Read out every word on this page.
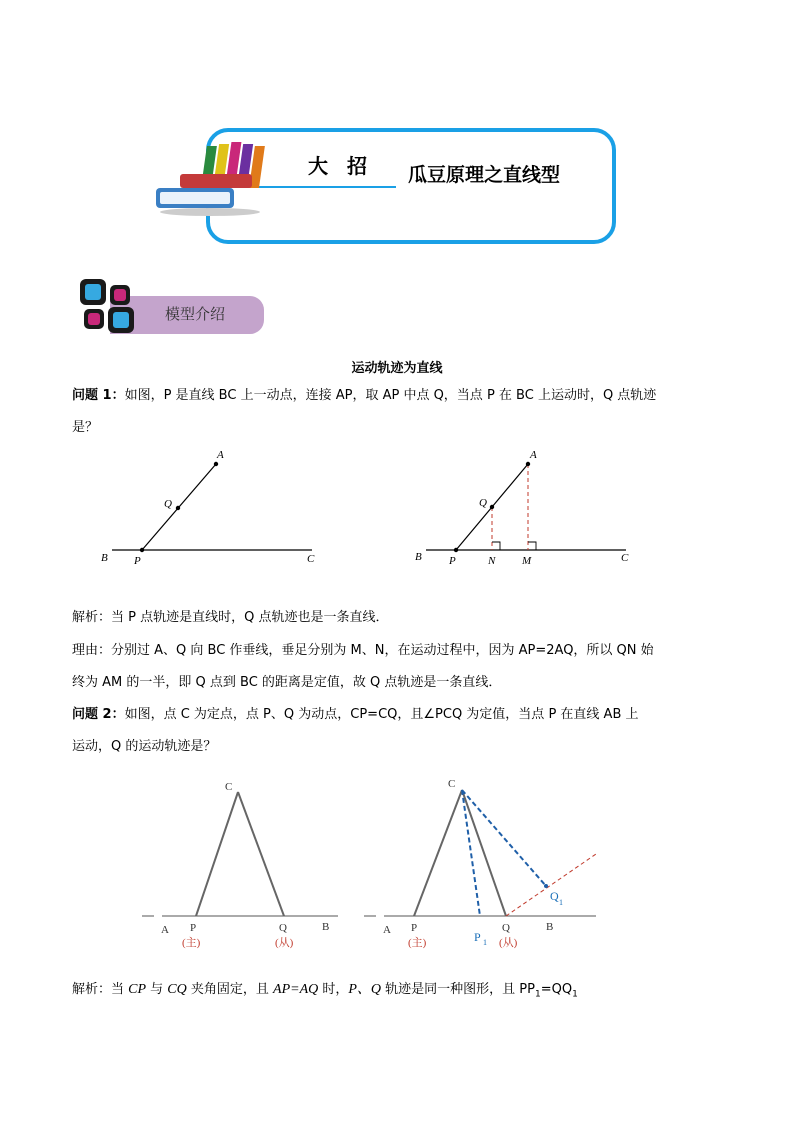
大 招 瓜豆原理之直线型
模型介绍
运动轨迹为直线
问题 1：如图，P 是直线 BC 上一动点，连接 AP，取 AP 中点 Q，当点 P 在 BC 上运动时，Q 点轨迹
是？
A
Q
B P	C
A
Q
B P	N M	C
解析：当 P 点轨迹是直线时，Q 点轨迹也是一条直线．
理由：分别过 A、Q 向 BC 作垂线，垂足分别为 M、N，在运动过程中，因为 AP=2AQ，所以 QN 始
终为 AM 的一半，即 Q 点到 BC 的距离是定值，故 Q 点轨迹是一条直线．
问题 2：如图，点 C 为定点，点 P、Q 为动点，CP=CQ，且∠PCQ 为定值，当点 P 在直线 AB 上
运动，Q 的运动轨迹是？
C
A P	Q	B
(主)	(从)
C
A P
P 1
Q	B
Q 1
(主)	(从)
解析：当 CP 与 CQ 夹角固定，且 AP=AQ 时，P、Q 轨迹是同一种图形，且 $PP_1=QQ_1$
